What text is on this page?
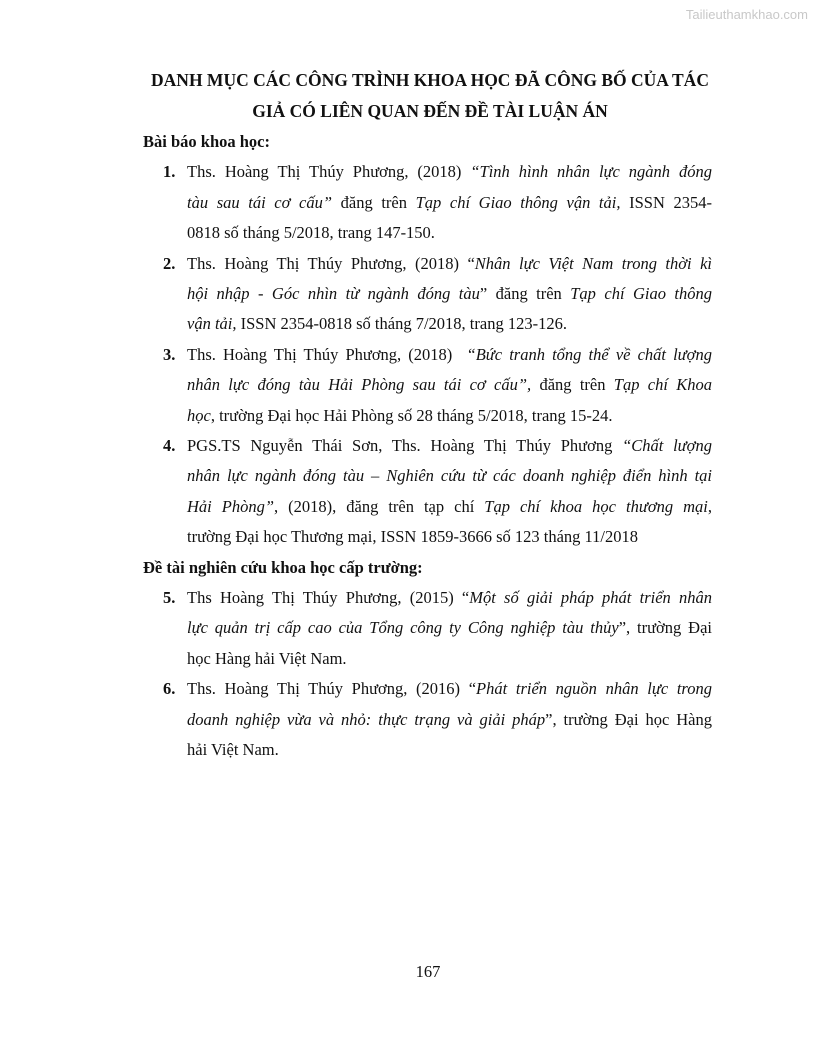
Tailieuthamkhao.com
DANH MỤC CÁC CÔNG TRÌNH KHOA HỌC ĐÃ CÔNG BỐ CỦA TÁC
GIẢ CÓ LIÊN QUAN ĐẾN ĐỀ TÀI LUẬN ÁN
Bài báo khoa học:
1. Ths. Hoàng Thị Thúy Phương, (2018) “Tình hình nhân lực ngành đóng
tàu sau tái cơ cấu” đăng trên Tạp chí Giao thông vận tải, ISSN 2354-
0818 số tháng 5/2018, trang 147-150.
2. Ths. Hoàng Thị Thúy Phương, (2018) “Nhân lực Việt Nam trong thời kì
hội nhập - Góc nhìn từ ngành đóng tàu” đăng trên Tạp chí Giao thông
vận tải, ISSN 2354-0818 số tháng 7/2018, trang 123-126.
3. Ths. Hoàng Thị Thúy Phương, (2018)  “Bức tranh tổng thể về chất lượng
nhân lực đóng tàu Hải Phòng sau tái cơ cấu”, đăng trên Tạp chí Khoa
học, trường Đại học Hải Phòng số 28 tháng 5/2018, trang 15-24.
4. PGS.TS Nguyễn Thái Sơn, Ths. Hoàng Thị Thúy Phương “Chất lượng
nhân lực ngành đóng tàu – Nghiên cứu từ các doanh nghiệp điển hình tại
Hải Phòng”, (2018), đăng trên tạp chí Tạp chí khoa học thương mại,
trường Đại học Thương mại, ISSN 1859-3666 số 123 tháng 11/2018
Đề tài nghiên cứu khoa học cấp trường:
5. Ths Hoàng Thị Thúy Phương, (2015) “Một số giải pháp phát triển nhân
lực quản trị cấp cao của Tổng công ty Công nghiệp tàu thủy”, trường Đại
học Hàng hải Việt Nam.
6. Ths. Hoàng Thị Thúy Phương, (2016) “Phát triển nguồn nhân lực trong
doanh nghiệp vừa và nhỏ: thực trạng và giải pháp”, trường Đại học Hàng
hải Việt Nam.
167
